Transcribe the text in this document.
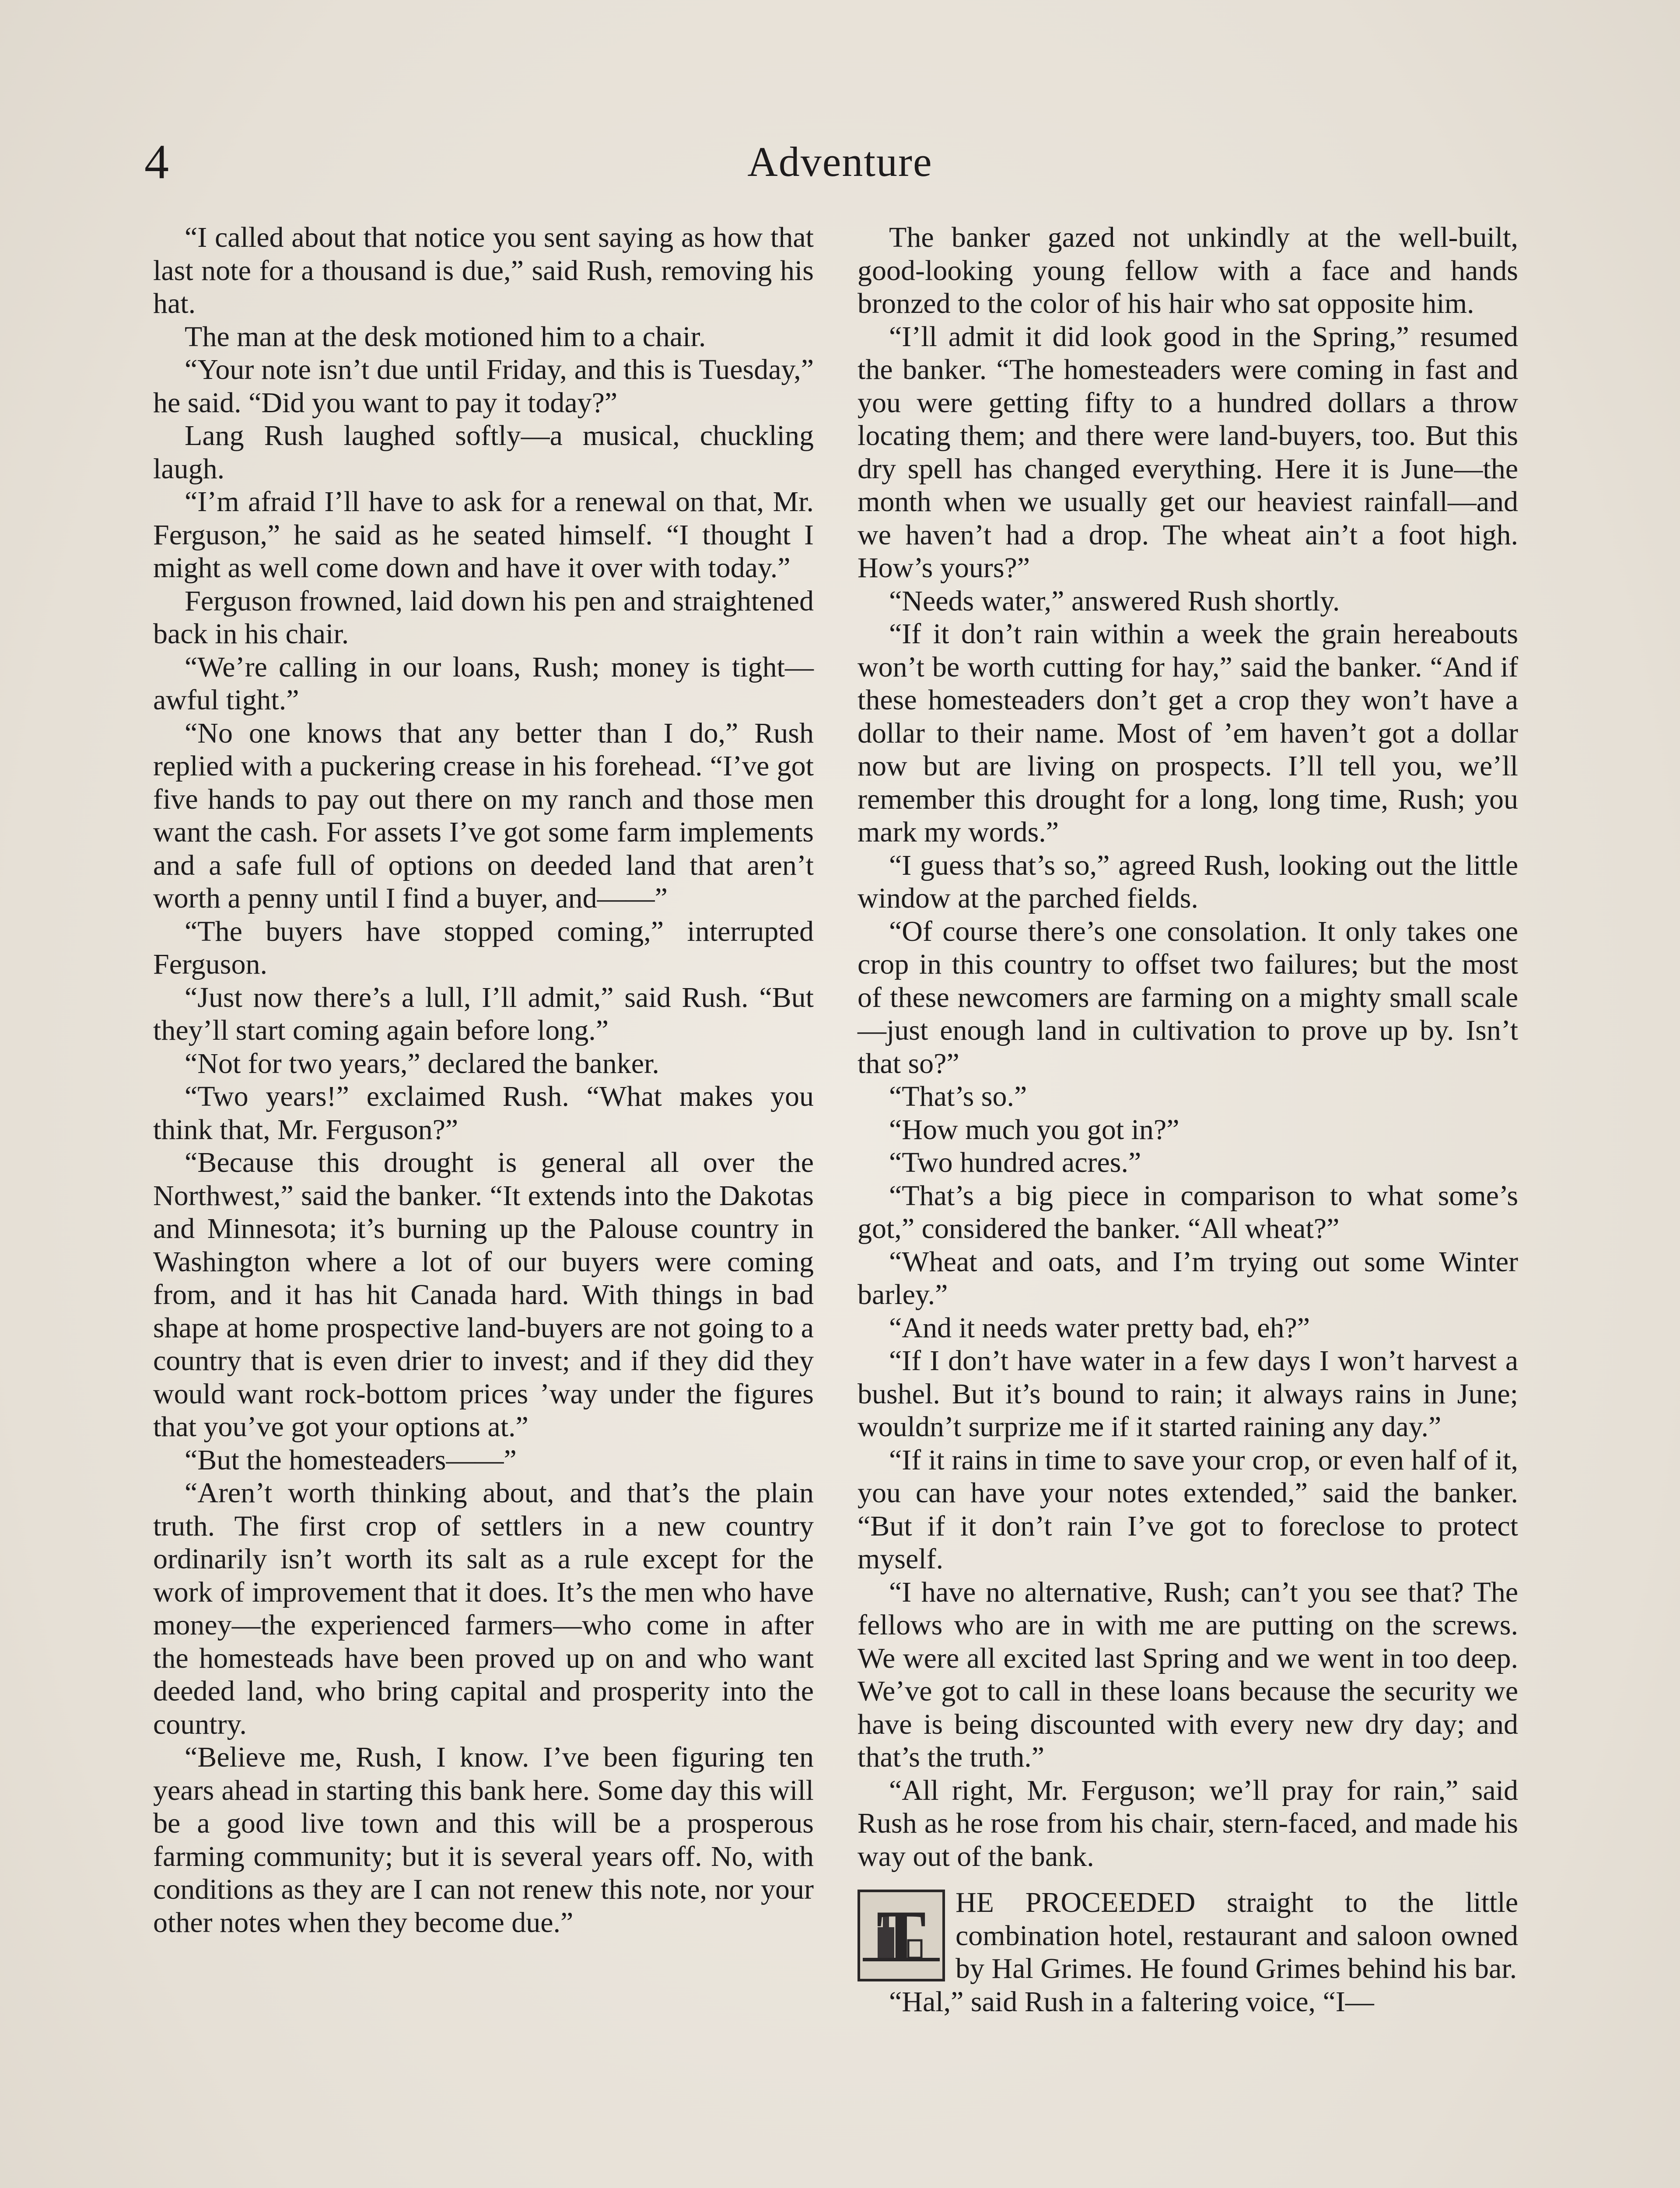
4	Adventure

“I called about that notice you sent saying as how that last note for a thousand is due,” said Rush, removing his hat.

The man at the desk motioned him to a chair.

“Your note isn’t due until Friday, and this is Tuesday,” he said. “Did you want to pay it today?”

Lang Rush laughed softly—a musical, chuckling laugh.

“I’m afraid I’ll have to ask for a renewal on that, Mr. Ferguson,” he said as he seated himself. “I thought I might as well come down and have it over with today.”

Ferguson frowned, laid down his pen and straightened back in his chair.

“We’re calling in our loans, Rush; money is tight—awful tight.”

“No one knows that any better than I do,” Rush replied with a puckering crease in his forehead. “I’ve got five hands to pay out there on my ranch and those men want the cash. For assets I’ve got some farm implements and a safe full of options on deeded land that aren’t worth a penny until I find a buyer, and——”

“The buyers have stopped coming,” interrupted Ferguson.

“Just now there’s a lull, I’ll admit,” said Rush. “But they’ll start coming again before long.”

“Not for two years,” declared the banker.

“Two years!” exclaimed Rush. “What makes you think that, Mr. Ferguson?”

“Because this drought is general all over the Northwest,” said the banker. “It extends into the Dakotas and Minnesota; it’s burning up the Palouse country in Washington where a lot of our buyers were coming from, and it has hit Canada hard. With things in bad shape at home prospective land-buyers are not going to a country that is even drier to invest; and if they did they would want rock-bottom prices ’way under the figures that you’ve got your options at.”

“But the homesteaders——”

“Aren’t worth thinking about, and that’s the plain truth. The first crop of settlers in a new country ordinarily isn’t worth its salt as a rule except for the work of improvement that it does. It’s the men who have money—the experienced farmers—who come in after the homesteads have been proved up on and who want deeded land, who bring capital and prosperity into the country.

“Believe me, Rush, I know. I’ve been figuring ten years ahead in starting this bank here. Some day this will be a good live town and this will be a prosperous farming community; but it is several years off. No, with conditions as they are I can not renew this note, nor your other notes when they become due.”

The banker gazed not unkindly at the well-built, good-looking young fellow with a face and hands bronzed to the color of his hair who sat opposite him.

“I’ll admit it did look good in the Spring,” resumed the banker. “The homesteaders were coming in fast and you were getting fifty to a hundred dollars a throw locating them; and there were land-buyers, too. But this dry spell has changed everything. Here it is June—the month when we usually get our heaviest rainfall—and we haven’t had a drop. The wheat ain’t a foot high. How’s yours?”

“Needs water,” answered Rush shortly.

“If it don’t rain within a week the grain hereabouts won’t be worth cutting for hay,” said the banker. “And if these homesteaders don’t get a crop they won’t have a dollar to their name. Most of ’em haven’t got a dollar now but are living on prospects. I’ll tell you, we’ll remember this drought for a long, long time, Rush; you mark my words.”

“I guess that’s so,” agreed Rush, looking out the little window at the parched fields.

“Of course there’s one consolation. It only takes one crop in this country to offset two failures; but the most of these newcomers are farming on a mighty small scale—just enough land in cultivation to prove up by. Isn’t that so?”

“That’s so.”

“How much you got in?”

“Two hundred acres.”

“That’s a big piece in comparison to what some’s got,” considered the banker. “All wheat?”

“Wheat and oats, and I’m trying out some Winter barley.”

“And it needs water pretty bad, eh?”

“If I don’t have water in a few days I won’t harvest a bushel. But it’s bound to rain; it always rains in June; wouldn’t surprize me if it started raining any day.”

“If it rains in time to save your crop, or even half of it, you can have your notes extended,” said the banker. “But if it don’t rain I’ve got to foreclose to protect myself.

“I have no alternative, Rush; can’t you see that? The fellows who are in with me are putting on the screws. We were all excited last Spring and we went in too deep. We’ve got to call in these loans because the security we have is being discounted with every new dry day; and that’s the truth.”

“All right, Mr. Ferguson; we’ll pray for rain,” said Rush as he rose from his chair, stern-faced, and made his way out of the bank.

T	HE PROCEEDED straight to the little combination hotel, restaurant and saloon owned by Hal Grimes. He found Grimes behind his bar.

“Hal,” said Rush in a faltering voice, “I—
